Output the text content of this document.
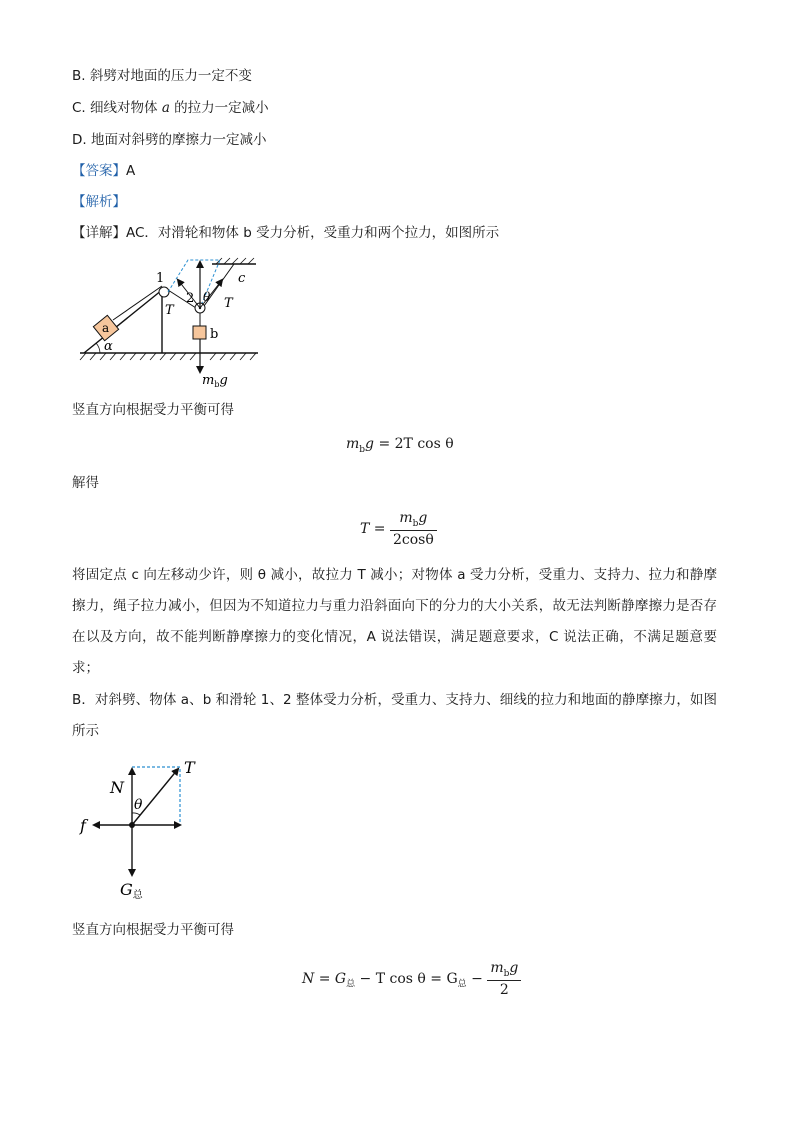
B. 斜劈对地面的压力一定不变
C. 细线对物体 a 的拉力一定减小
D. 地面对斜劈的摩擦力一定减小
【答案】A
【解析】
【详解】AC．对滑轮和物体 b 受力分析，受重力和两个拉力，如图所示
α
a
1	c
2
T	T
θ
b
$m_bg$
竖直方向根据受力平衡可得
$m_bg = 2T$ cos θ
解得
$T = \frac{m_bg}{2\cos\theta}$
将固定点 c 向左移动少许，则 θ 减小，故拉力 T 减小；对物体 a 受力分析，受重力、支持力、拉力和静摩擦力，绳子拉力减小，但因为不知道拉力与重力沿斜面向下的分力的大小关系，故无法判断静摩擦力是否存在以及方向，故不能判断静摩擦力的变化情况，A 说法错误，满足题意要求，C 说法正确，不满足题意要求；
B．对斜劈、物体 a、b 和滑轮 1、2 整体受力分析，受重力、支持力、细线的拉力和地面的静摩擦力，如图所示
N
T
θ
f
G总
竖直方向根据受力平衡可得
$N = G_总 - T$ $\cos \theta = G_总 - \frac{m_bg}{2}$
